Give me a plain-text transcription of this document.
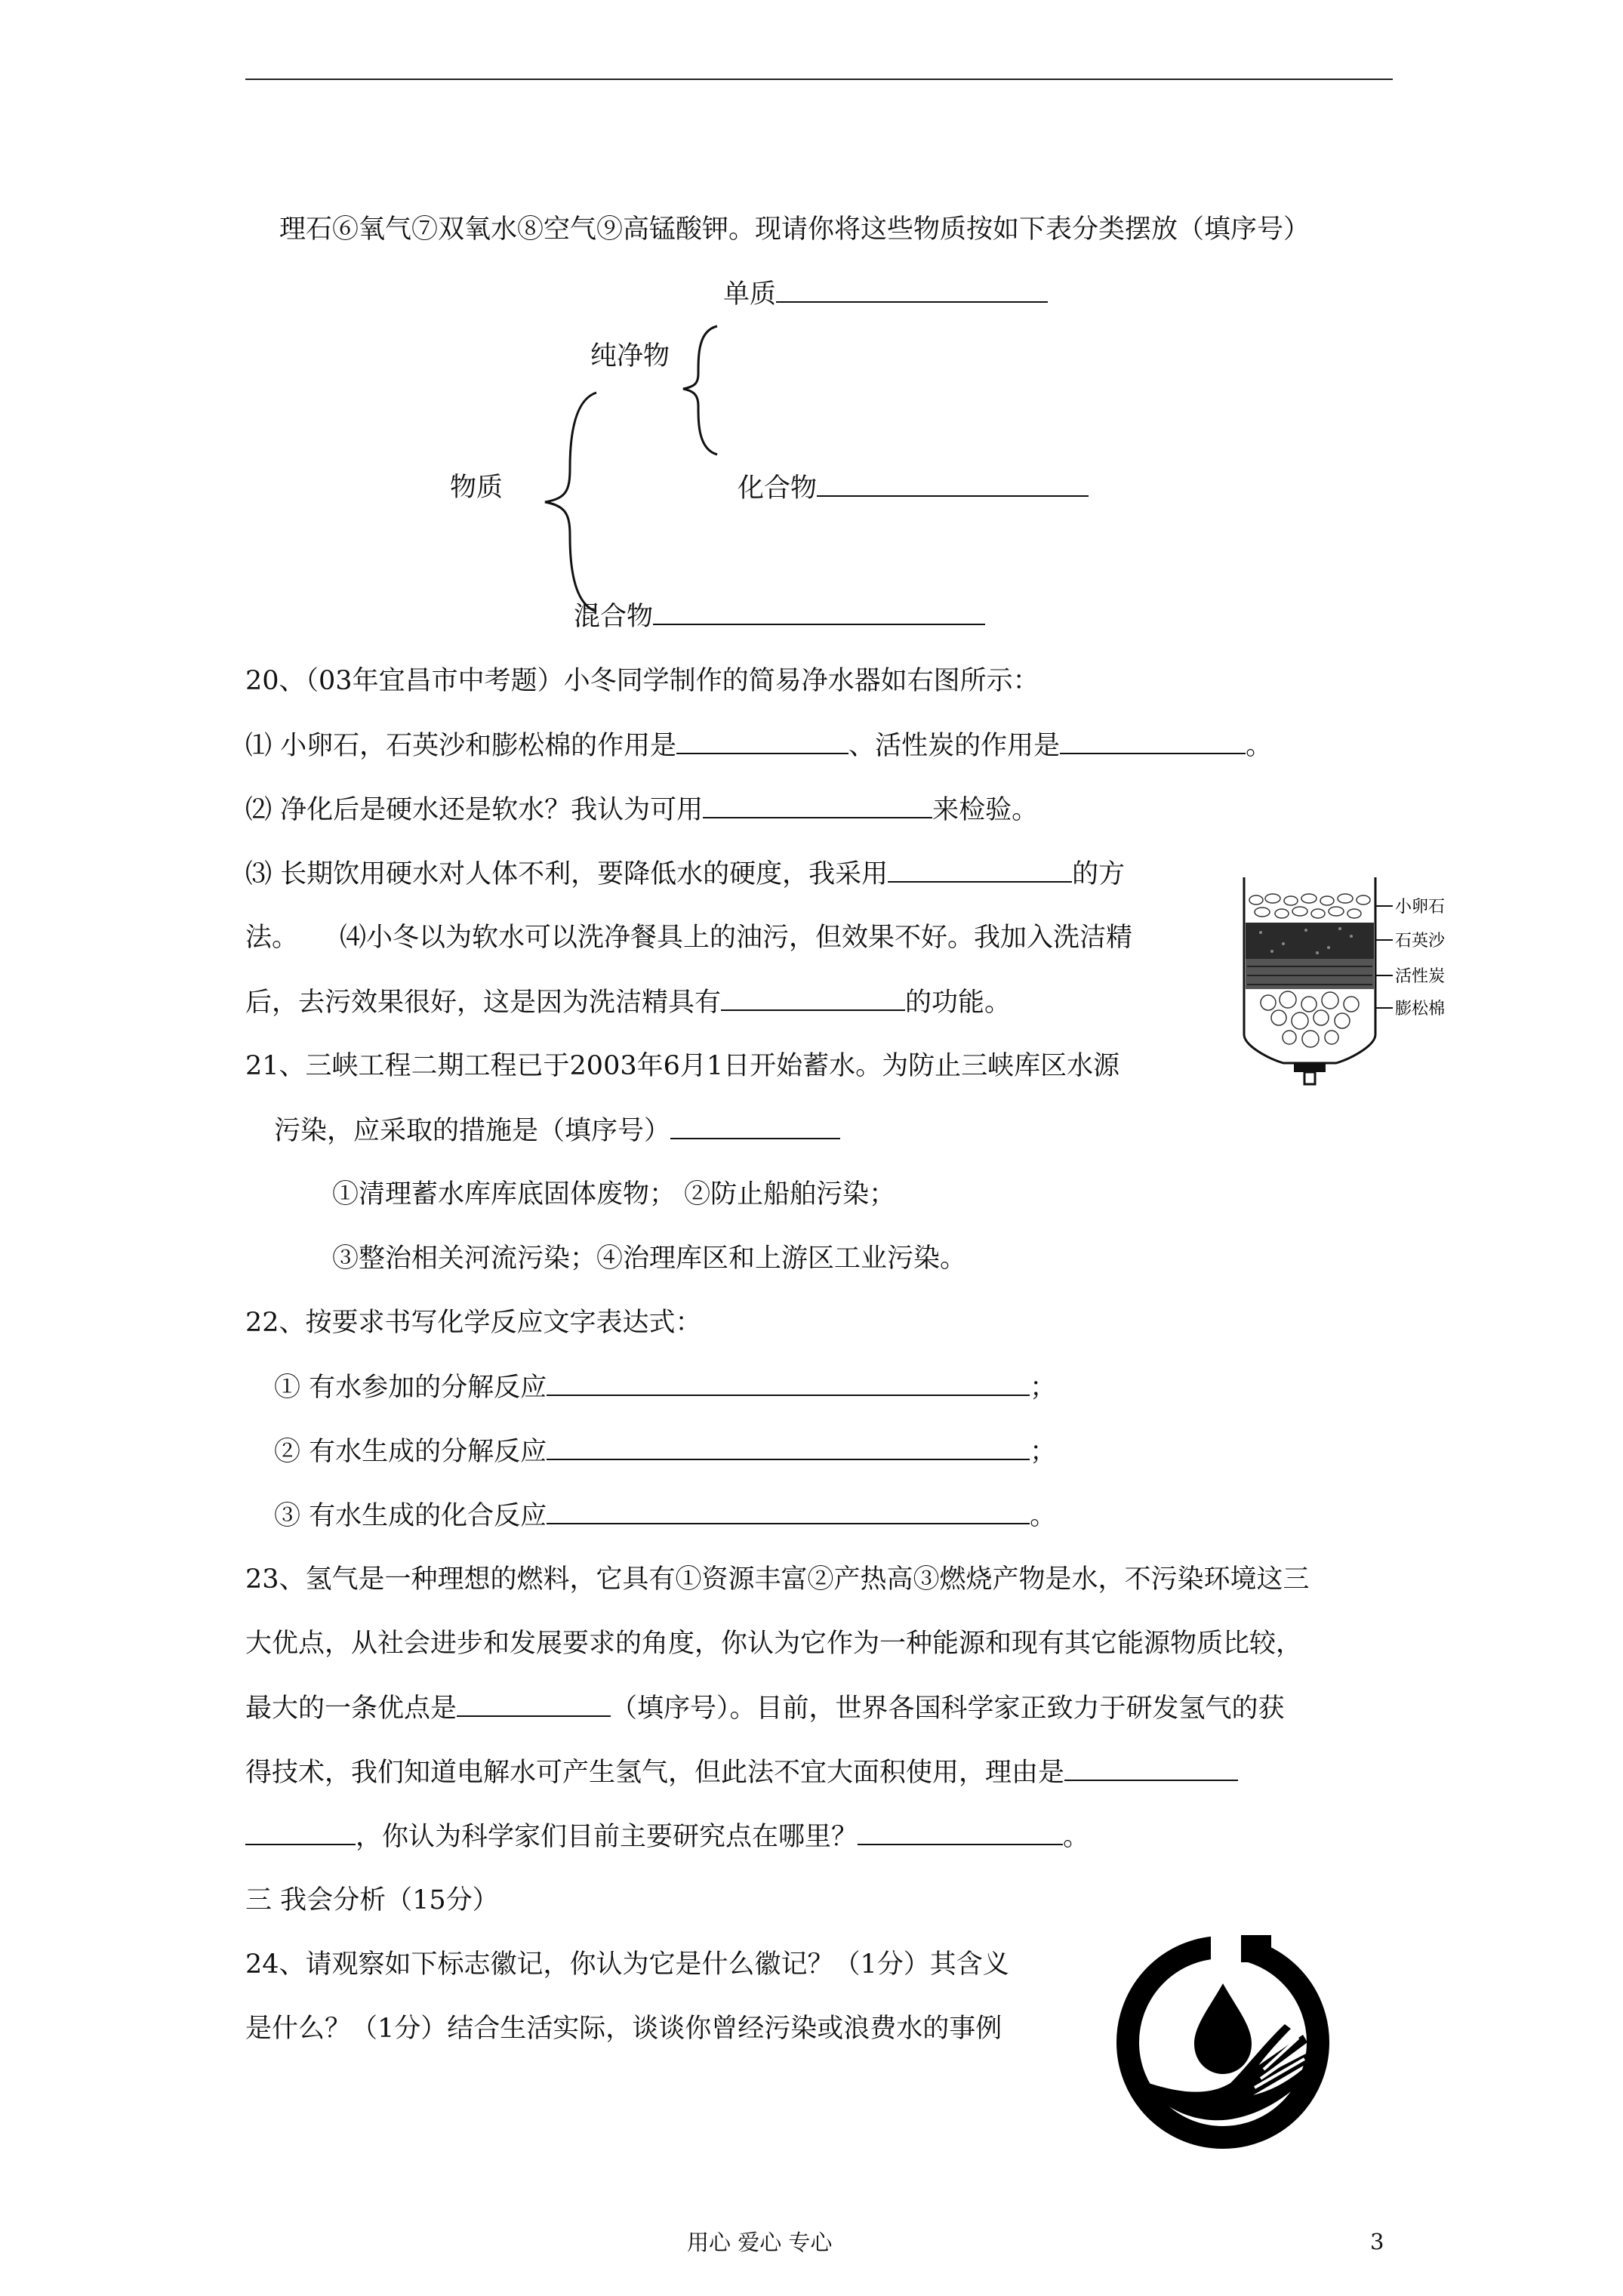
理石⑥氧气⑦双氧水⑧空气⑨高锰酸钾。现请你将这些物质按如下表分类摆放（填序号）
单质
纯净物
物质	化合物
混合物
20、（03年宜昌市中考题）小冬同学制作的简易净水器如右图所示：
⑴ 小卵石，石英沙和膨松棉的作用是	、活性炭的作用是	。
⑵ 净化后是硬水还是软水？我认为可用	来检验。
⑶ 长期饮用硬水对人体不利，要降低水的硬度，我采用	的方
法。 ⑷小冬以为软水可以洗净餐具上的油污，但效果不好。我加入洗洁精
后，去污效果很好，这是因为洗洁精具有	的功能。
小卵石
石英沙
活性炭
膨松棉
21、三峡工程二期工程已于2003年6月1日开始蓄水。为防止三峡库区水源
污染，应采取的措施是（填序号）
①清理蓄水库库底固体废物； ②防止船舶污染；
③整治相关河流污染；④治理库区和上游区工业污染。
22、按要求书写化学反应文字表达式：
① 有水参加的分解反应	；
② 有水生成的分解反应	；
③ 有水生成的化合反应	。
23、氢气是一种理想的燃料，它具有①资源丰富②产热高③燃烧产物是水，不污染环境这三
大优点，从社会进步和发展要求的角度，你认为它作为一种能源和现有其它能源物质比较，
最大的一条优点是	（填序号）。目前，世界各国科学家正致力于研发氢气的获
得技术，我们知道电解水可产生氢气，但此法不宜大面积使用，理由是
，你认为科学家们目前主要研究点在哪里？	。
三 我会分析（15分）
24、请观察如下标志徽记，你认为它是什么徽记？（1分）其含义
是什么？（1分）结合生活实际，谈谈你曾经污染或浪费水的事例
用心 爱心 专心	3
